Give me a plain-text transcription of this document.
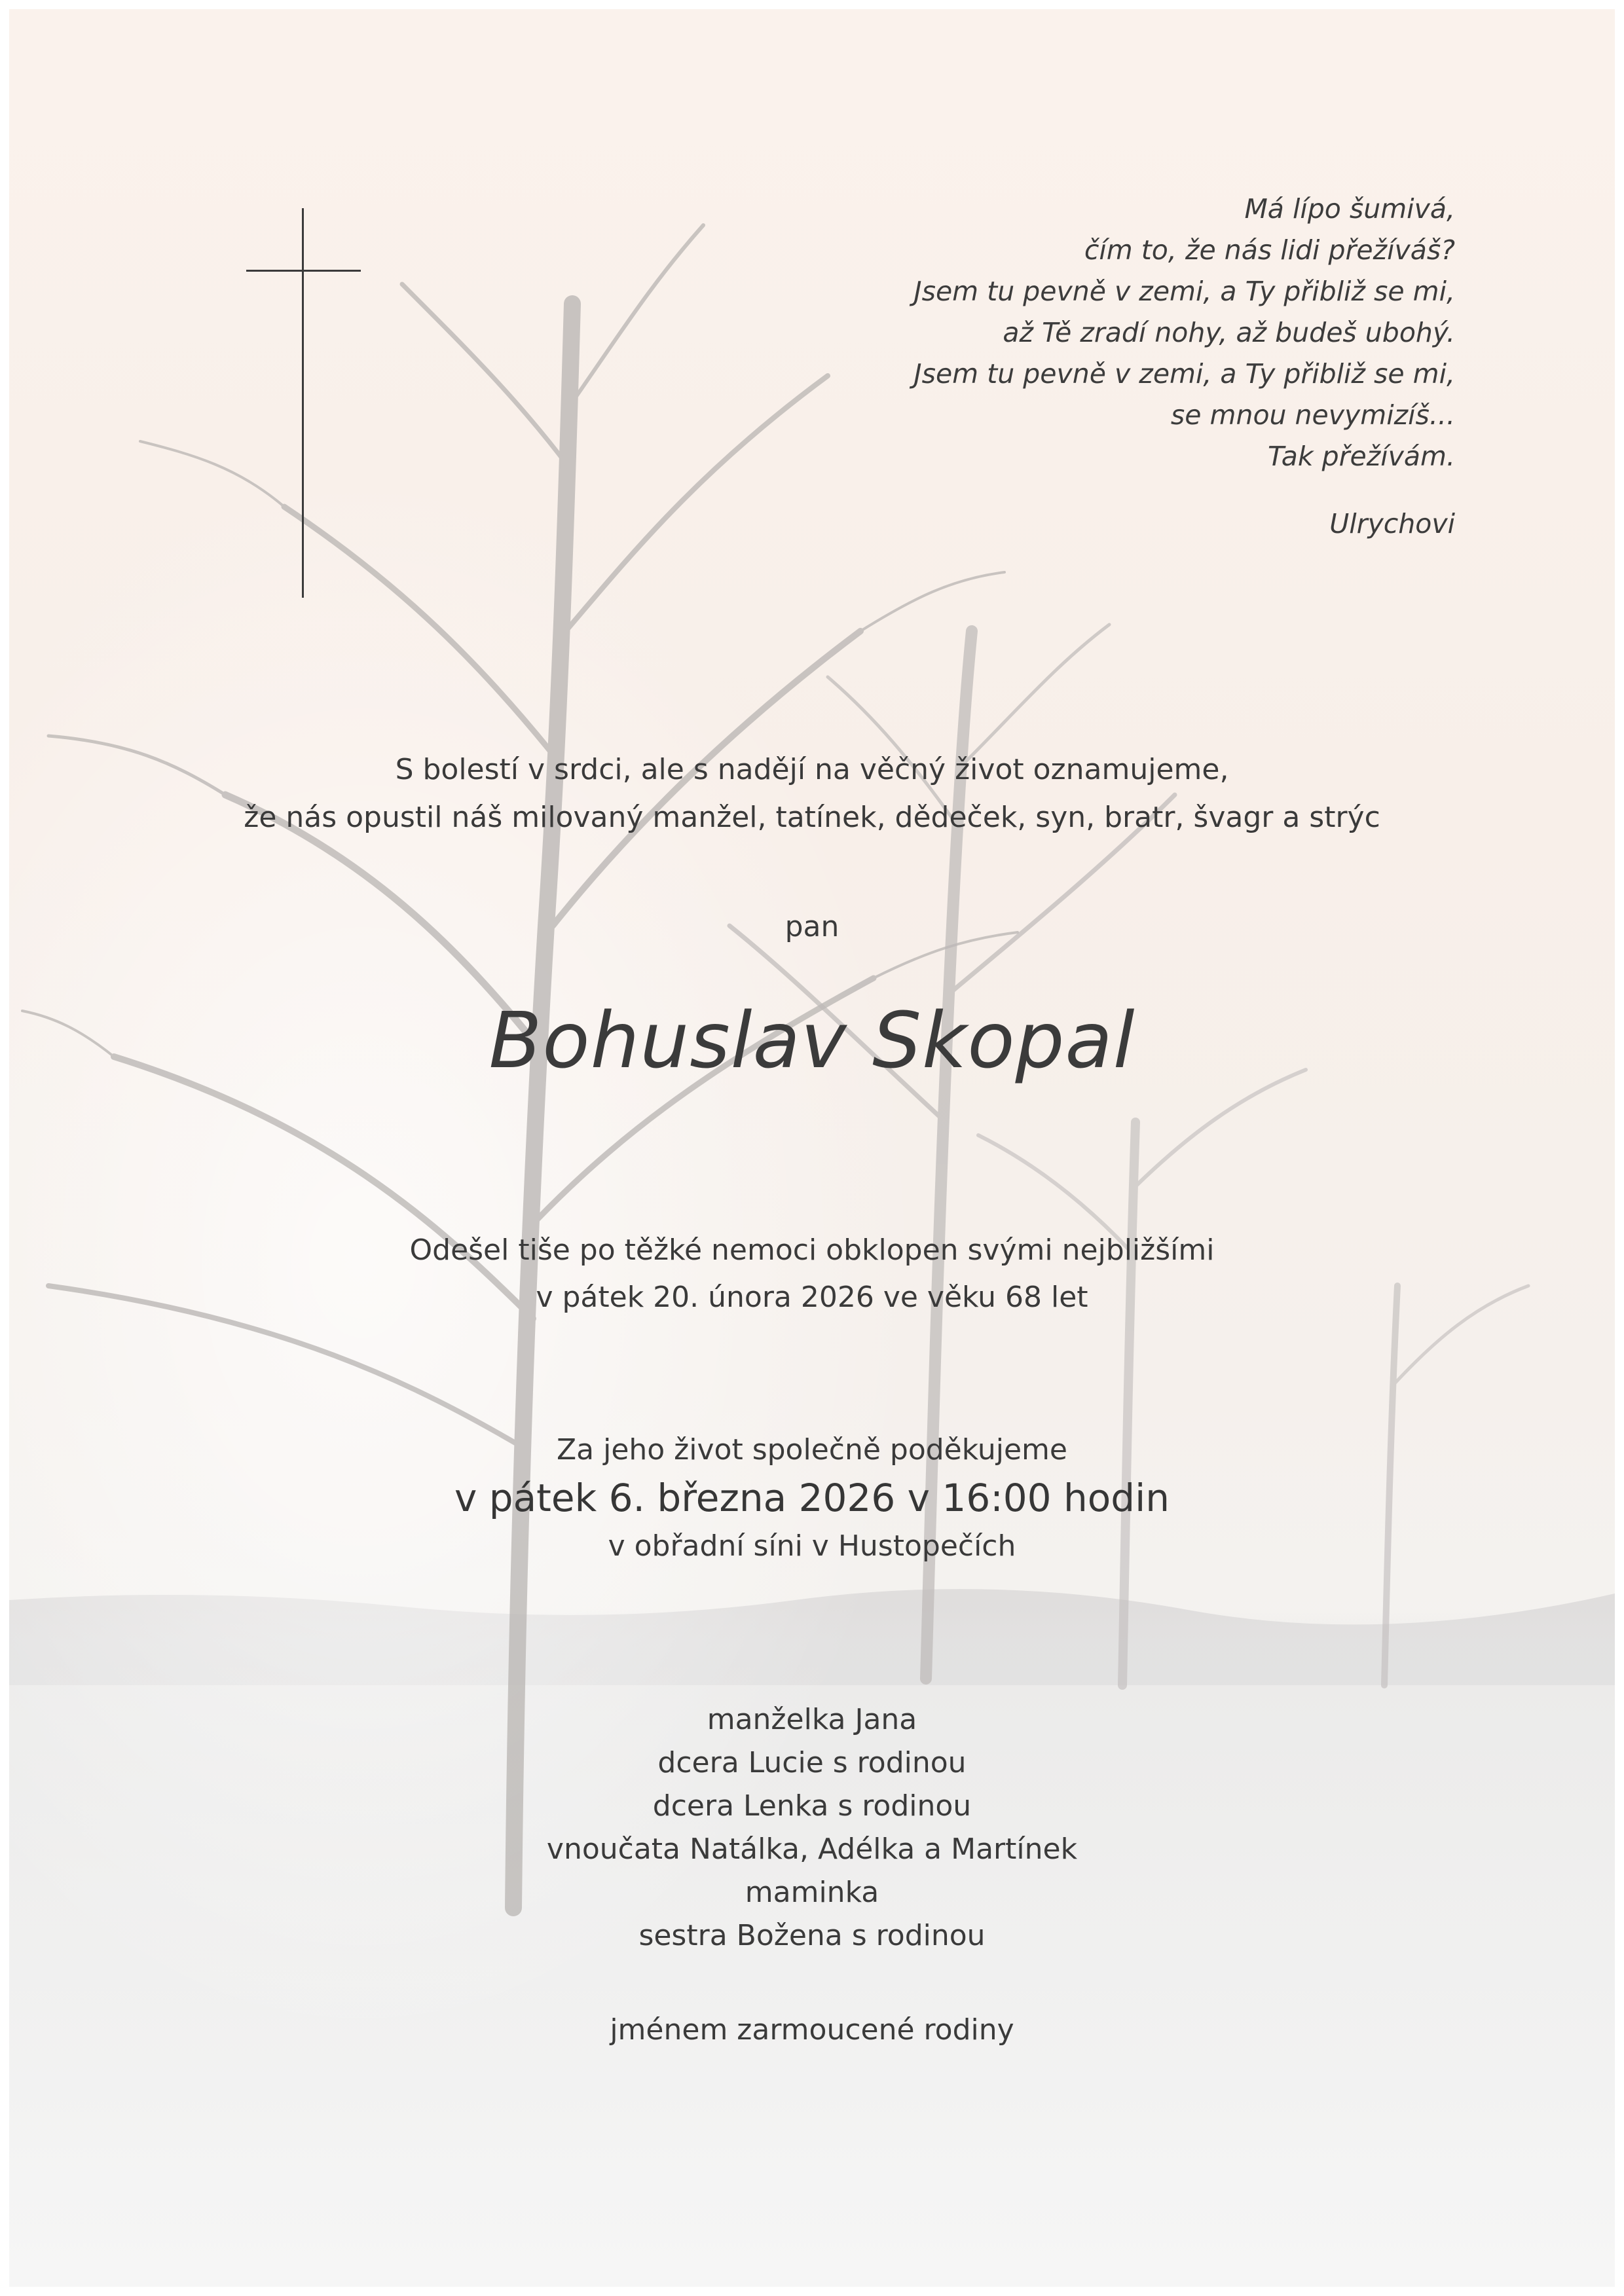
Má lípo šumivá,
čím to, že nás lidi přežíváš?
Jsem tu pevně v zemi, a Ty přibliž se mi,
až Tě zradí nohy, až budeš ubohý.
Jsem tu pevně v zemi, a Ty přibliž se mi,
se mnou nevymizíš...
Tak přežívám.
Ulrychovi
S bolestí v srdci, ale s nadějí na věčný život oznamujeme,
že nás opustil náš milovaný manžel, tatínek, dědeček, syn, bratr, švagr a strýc
pan
Bohuslav Skopal
Odešel tiše po těžké nemoci obklopen svými nejbližšími
v pátek 20. února 2026 ve věku 68 let
Za jeho život společně poděkujeme
v pátek 6. března 2026 v 16:00 hodin
v obřadní síni v Hustopečích
manželka Jana
dcera Lucie s rodinou
dcera Lenka s rodinou
vnoučata Natálka, Adélka a Martínek
maminka
sestra Božena s rodinou
jménem zarmoucené rodiny
